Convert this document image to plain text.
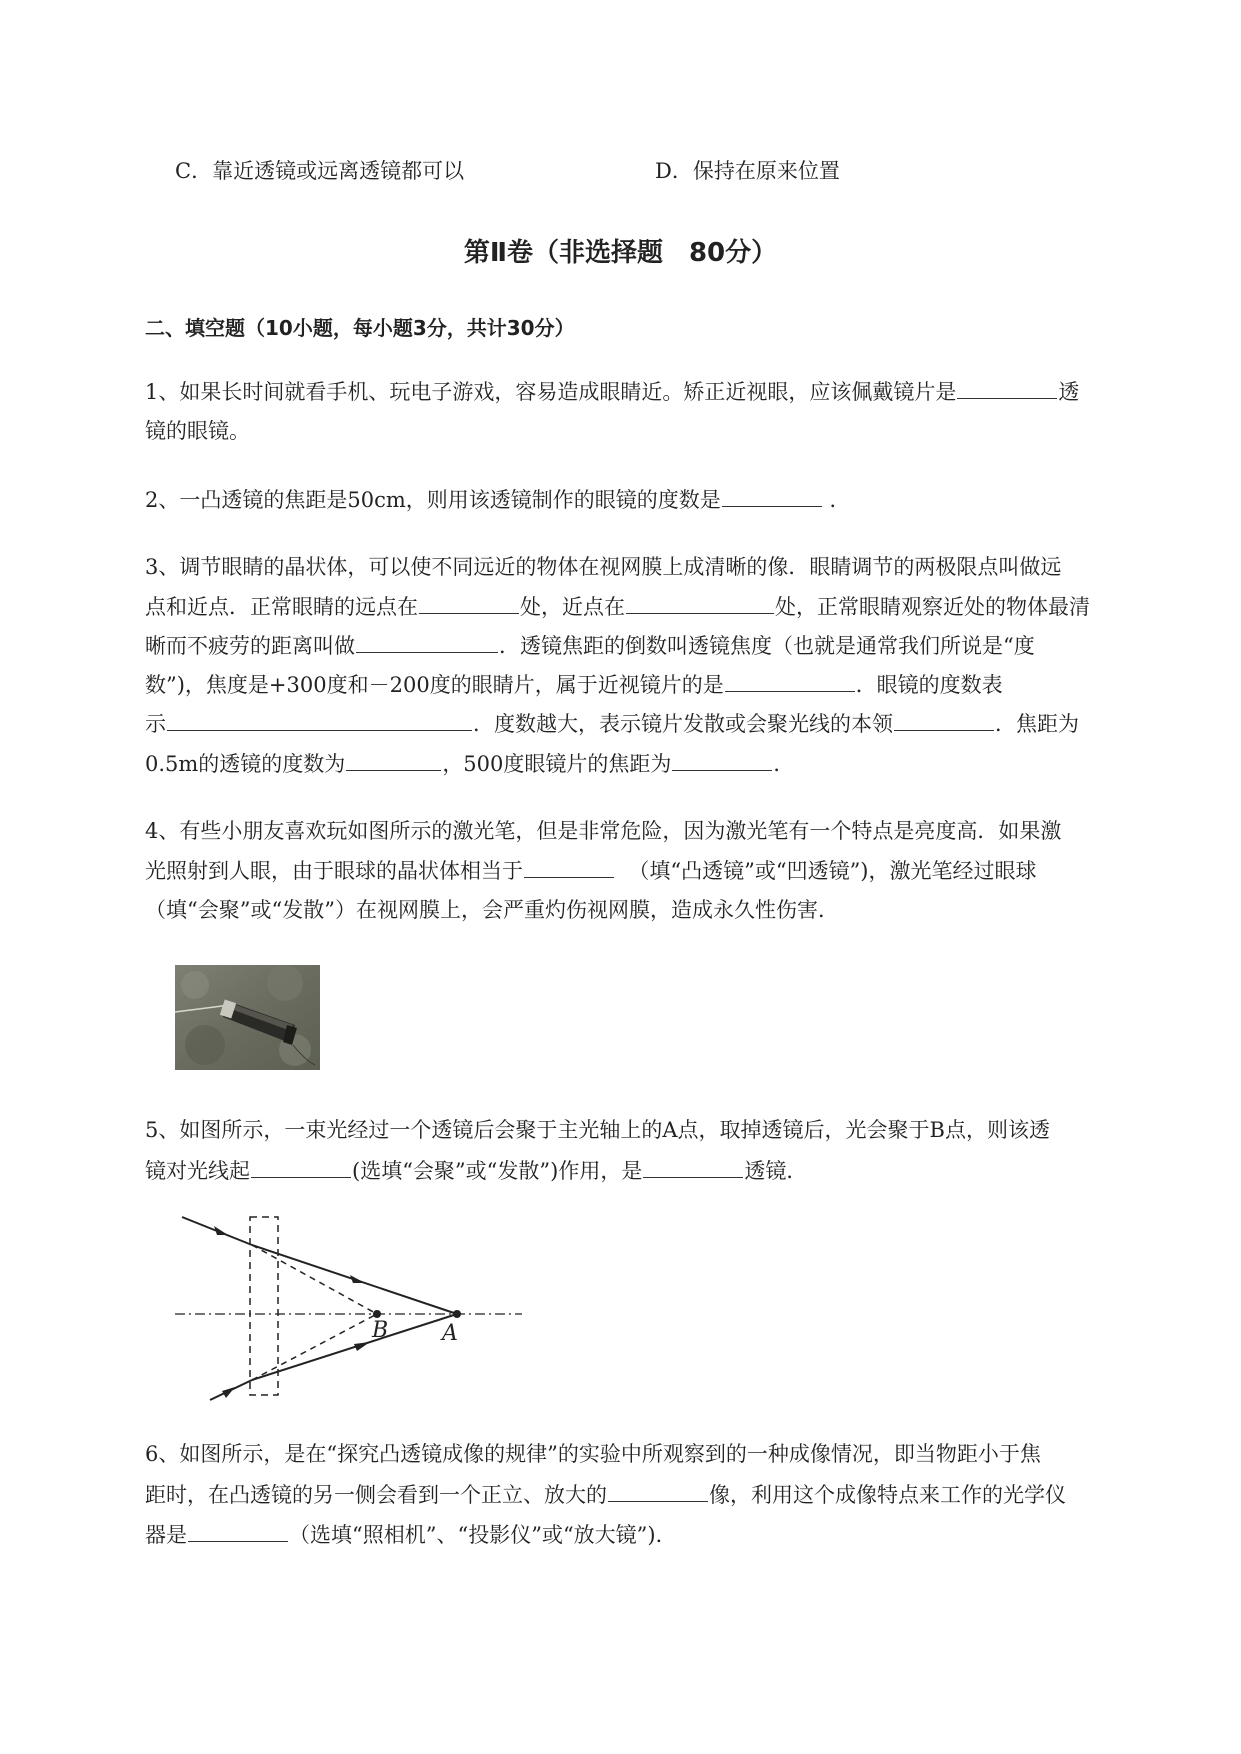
C．靠近透镜或远离透镜都可以	D．保持在原来位置
第Ⅱ卷（非选择题　80分）
二、填空题（10小题，每小题3分，共计30分）
1、如果长时间就看手机、玩电子游戏，容易造成眼睛近。矫正近视眼，应该佩戴镜片是	透
镜的眼镜。
2、一凸透镜的焦距是50cm，则用该透镜制作的眼镜的度数是	．
3、调节眼睛的晶状体，可以使不同远近的物体在视网膜上成清晰的像．眼睛调节的两极限点叫做远
点和近点．正常眼睛的远点在	处，近点在	处，正常眼睛观察近处的物体最清
晰而不疲劳的距离叫做	．透镜焦距的倒数叫透镜焦度（也就是通常我们所说是“度
数”)，焦度是+300度和－200度的眼睛片，属于近视镜片的是	．眼镜的度数表
示	．度数越大，表示镜片发散或会聚光线的本领	．焦距为
0.5m的透镜的度数为	，500度眼镜片的焦距为	．
4、有些小朋友喜欢玩如图所示的激光笔，但是非常危险，因为激光笔有一个特点是亮度高．如果激
光照射到人眼，由于眼球的晶状体相当于	（填“凸透镜”或“凹透镜”)，激光笔经过眼球
（填“会聚”或“发散”）在视网膜上，会严重灼伤视网膜，造成永久性伤害．
5、如图所示，一束光经过一个透镜后会聚于主光轴上的A点，取掉透镜后，光会聚于B点，则该透
镜对光线起	(选填“会聚”或“发散”)作用，是	透镜．
B A
6、如图所示，是在“探究凸透镜成像的规律”的实验中所观察到的一种成像情况，即当物距小于焦
距时，在凸透镜的另一侧会看到一个正立、放大的	像，利用这个成像特点来工作的光学仪
器是	（选填“照相机”、“投影仪”或“放大镜”)．
